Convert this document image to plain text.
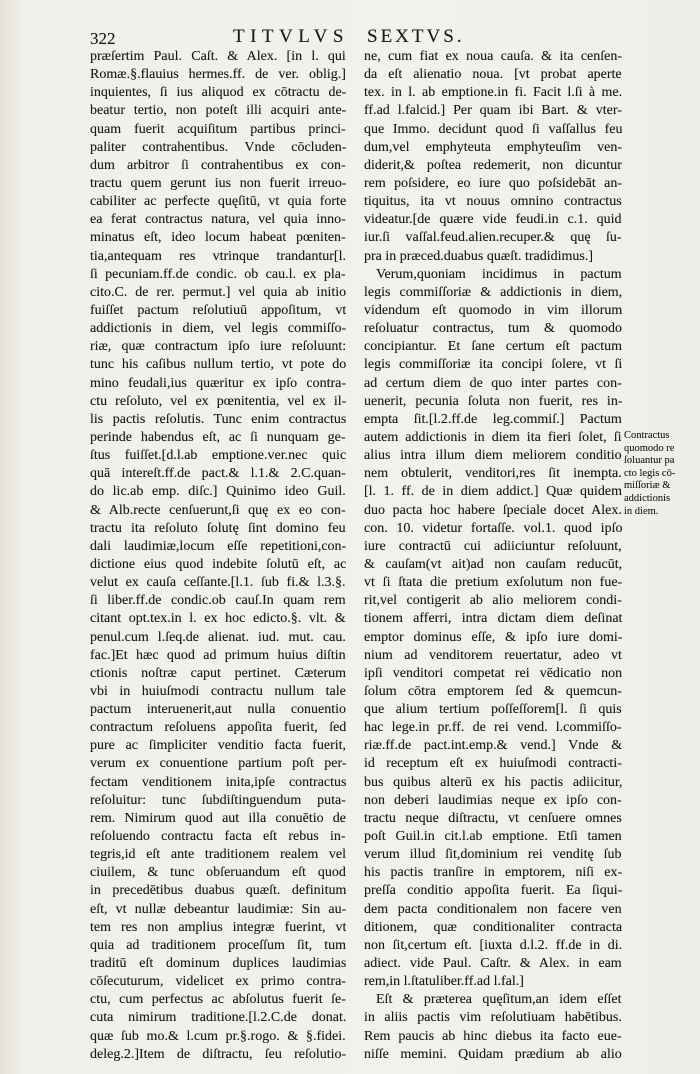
322	TITVLVS SEXTVS.
præſertim Paul. Caſt. & Alex. [in l. qui
Romæ.§.flauius hermes.ff. de ver. oblig.]
inquientes, ſi ius aliquod ex cōtractu de-
beatur tertio, non poteſt illi acquiri ante-
quam fuerit acquiſitum partibus princi-
paliter contrahentibus. Vnde cōcluden-
dum arbitror ſi contrahentibus ex con-
tractu quem gerunt ius non fuerit irreuo-
cabiliter ac perfecte quęſitū, vt quia forte
ea ferat contractus natura, vel quia inno-
minatus eſt, ideo locum habeat pœniten-
tia,antequam res vtrinque trandantur[l.
ſi pecuniam.ff.de condic. ob cau.l. ex pla-
cito.C. de rer. permut.] vel quia ab initio
fuiſſet pactum reſolutiuū appoſitum, vt
addictionis in diem, vel legis commiſſo-
riæ, quæ contractum ipſo iure reſoluunt:
tunc his caſibus nullum tertio, vt pote do
mino feudali,ius quæritur ex ipſo contra-
ctu reſoluto, vel ex pœnitentia, vel ex il-
lis pactis reſolutis. Tunc enim contractus
perinde habendus eſt, ac ſi nunquam ge-
ſtus fuiſſet.[d.l.ab emptione.ver.nec quic
quā intereſt.ff.de pact.& l.1.& 2.C.quan-
do lic.ab emp. diſc.] Quinimo ideo Guil.
& Alb.recte cenſuerunt,ſi quę ex eo con-
tractu ita reſoluto ſolutę ſint domino feu
dali laudimiæ,locum eſſe repetitioni,con-
dictione eius quod indebite ſolutū eſt, ac
velut ex cauſa ceſſante.[l.1. ſub fi.& l.3.§.
ſi liber.ff.de condic.ob cauſ.In quam rem
citant opt.tex.in l. ex hoc edicto.§. vlt. &
penul.cum l.ſeq.de alienat. iud. mut. cau.
fac.]Et hæc quod ad primum huius diſtin
ctionis noſtræ caput pertinet. Cæterum
vbi in huiuſmodi contractu nullum tale
pactum interuenerit,aut nulla conuentio
contractum reſoluens appoſita fuerit, ſed
pure ac ſimpliciter venditio facta fuerit,
verum ex conuentione partium poſt per-
fectam venditionem inita,ipſe contractus
reſoluitur: tunc ſubdiſtinguendum puta-
rem. Nimirum quod aut illa conuētio de
reſoluendo contractu facta eſt rebus in-
tegris,id eſt ante traditionem realem vel
ciuilem, & tunc obſeruandum eſt quod
in precedētibus duabus quæſt. definitum
eſt, vt nullæ debeantur laudimiæ: Sin au-
tem res non amplius integræ fuerint, vt
quia ad traditionem proceſſum ſit, tum
traditū eſt dominum duplices laudimias
cōſecuturum, videlicet ex primo contra-
ctu, cum perfectus ac abſolutus fuerit ſe-
cuta nimirum traditione.[l.2.C.de donat.
quæ ſub mo.& l.cum pr.§.rogo. & §.fidei.
deleg.2.]Item de diſtractu, ſeu reſolutio-
ne, cum fiat ex noua cauſa. & ita cenſen-
da eſt alienatio noua. [vt probat aperte
tex. in l. ab emptione.in fi. Facit l.ſi à me.
ff.ad l.falcid.] Per quam ibi Bart. & vter-
que Immo. decidunt quod ſi vaſſallus feu
dum,vel emphyteuta emphyteuſim ven-
diderit,& poſtea redemerit, non dicuntur
rem poſsidere, eo iure quo poſsidebāt an-
tiquitus, ita vt nouus omnino contractus
videatur.[de quære vide feudi.in c.1. quid
iur.ſi vaſſal.feud.alien.recuper.& quę ſu-
pra in præced.duabus quæſt. tradidimus.]
Verum,quoniam incidimus in pactum
legis commiſſoriæ & addictionis in diem,
videndum eſt quomodo in vim illorum
reſoluatur contractus, tum & quomodo
concipiantur. Et ſane certum eſt pactum
legis commiſſoriæ ita concipi ſolere, vt ſi
ad certum diem de quo inter partes con-
uenerit, pecunia ſoluta non fuerit, res in-
empta ſit.[l.2.ff.de leg.commiſ.] Pactum
autem addictionis in diem ita fieri ſolet, ſi
alius intra illum diem meliorem conditio
nem obtulerit, venditori,res ſit inempta.
[l. 1. ff. de in diem addict.] Quæ quidem
duo pacta hoc habere ſpeciale docet Alex.
con. 10. videtur fortaſſe. vol.1. quod ipſo
iure contractū cui adiiciuntur reſoluunt,
& cauſam(vt ait)ad non cauſam reducūt,
vt ſi ſtata die pretium exſolutum non fue-
rit,vel contigerit ab alio meliorem condi-
tionem afferri, intra dictam diem deſinat
emptor dominus eſſe, & ipſo iure domi-
nium ad venditorem reuertatur, adeo vt
ipſi venditori competat rei vēdicatio non
ſolum cōtra emptorem ſed & quemcun-
que alium tertium poſſeſſorem[l. ſi quis
hac lege.in pr.ff. de rei vend. l.commiſſo-
riæ.ff.de pact.int.emp.& vend.] Vnde &
id receptum eſt ex huiuſmodi contracti-
bus quibus alterū ex his pactis adiicitur,
non deberi laudimias neque ex ipſo con-
tractu neque diſtractu, vt cenſuere omnes
poſt Guil.in cit.l.ab emptione. Etſi tamen
verum illud ſit,dominium rei venditę ſub
his pactis tranſire in emptorem, niſi ex-
preſſa conditio appoſita fuerit. Ea ſiqui-
dem pacta conditionalem non facere ven
ditionem, quæ conditionaliter contracta
non ſit,certum eſt. [iuxta d.l.2. ff.de in di.
adiect. vide Paul. Caſtr. & Alex. in eam
rem,in l.ſtatuliber.ff.ad l.fal.]
Eſt & præterea quęſitum,an idem eſſet
in aliis pactis vim reſolutiuam habētibus.
Rem paucis ab hinc diebus ita facto eue-
niſſe memini. Quidam prædium ab alio
Contractus
quomodo re
ſoluantur pa
cto legis cō-
miſſoriæ &
addictionis
in diem.
